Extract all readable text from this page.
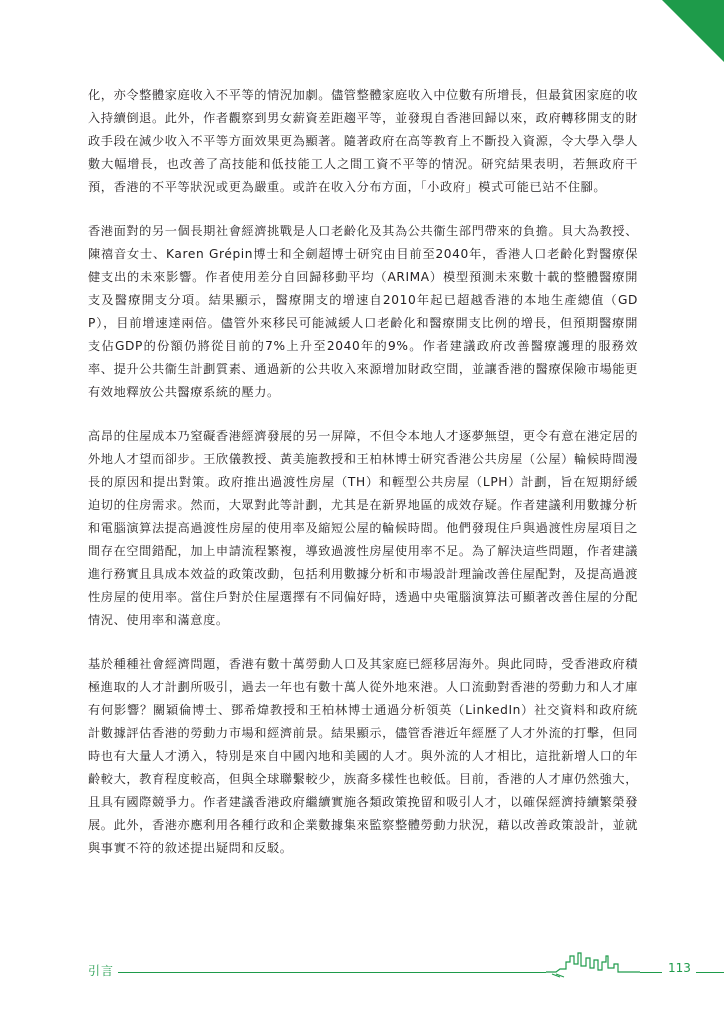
化，亦令整體家庭收入不平等的情況加劇。儘管整體家庭收入中位數有所增長，但最貧困家庭的收入持續倒退。此外，作者觀察到男女薪資差距趨平等，並發現自香港回歸以來，政府轉移開支的財政手段在減少收入不平等方面效果更為顯著。隨著政府在高等教育上不斷投入資源，令大學入學人數大幅增長，也改善了高技能和低技能工人之間工資不平等的情況。研究結果表明，若無政府干預，香港的不平等狀況或更為嚴重。或許在收入分布方面，「小政府」模式可能已站不住腳。

香港面對的另一個長期社會經濟挑戰是人口老齡化及其為公共衞生部門帶來的負擔。貝大為教授、陳禧音女士、Karen Grépin博士和全劍超博士研究由目前至2040年，香港人口老齡化對醫療保健支出的未來影響。作者使用差分自回歸移動平均（ARIMA）模型預測未來數十載的整體醫療開支及醫療開支分項。結果顯示，醫療開支的增速自2010年起已超越香港的本地生產總值（GDP），目前增速達兩倍。儘管外來移民可能減緩人口老齡化和醫療開支比例的增長，但預期醫療開支佔GDP的份額仍將從目前的7%上升至2040年的9%。作者建議政府改善醫療護理的服務效率、提升公共衞生計劃質素、通過新的公共收入來源增加財政空間，並讓香港的醫療保險市場能更有效地釋放公共醫療系統的壓力。

高昂的住屋成本乃窒礙香港經濟發展的另一屏障，不但令本地人才逐夢無望，更令有意在港定居的外地人才望而卻步。王欣儀教授、黃美施教授和王柏林博士研究香港公共房屋（公屋）輪候時間漫長的原因和提出對策。政府推出過渡性房屋（TH）和輕型公共房屋（LPH）計劃，旨在短期紓緩迫切的住房需求。然而，大眾對此等計劃，尤其是在新界地區的成效存疑。作者建議利用數據分析和電腦演算法提高過渡性房屋的使用率及縮短公屋的輪候時間。他們發現住戶與過渡性房屋項目之間存在空間錯配，加上申請流程繁複，導致過渡性房屋使用率不足。為了解決這些問題，作者建議進行務實且具成本效益的政策改動，包括利用數據分析和市場設計理論改善住屋配對，及提高過渡性房屋的使用率。當住戶對於住屋選擇有不同偏好時，透過中央電腦演算法可顯著改善住屋的分配情況、使用率和滿意度。

基於種種社會經濟問題，香港有數十萬勞動人口及其家庭已經移居海外。與此同時，受香港政府積極進取的人才計劃所吸引，過去一年也有數十萬人從外地來港。人口流動對香港的勞動力和人才庫有何影響？關穎倫博士、鄧希煒教授和王柏林博士通過分析領英（LinkedIn）社交資料和政府統計數據評估香港的勞動力市場和經濟前景。結果顯示，儘管香港近年經歷了人才外流的打擊，但同時也有大量人才湧入，特別是來自中國內地和美國的人才。與外流的人才相比，這批新增人口的年齡較大，教育程度較高，但與全球聯繫較少，族裔多樣性也較低。目前，香港的人才庫仍然強大，且具有國際競爭力。作者建議香港政府繼續實施各類政策挽留和吸引人才，以確保經濟持續繁榮發展。此外，香港亦應利用各種行政和企業數據集來監察整體勞動力狀況，藉以改善政策設計，並就與事實不符的敘述提出疑問和反駁。

引言	113
